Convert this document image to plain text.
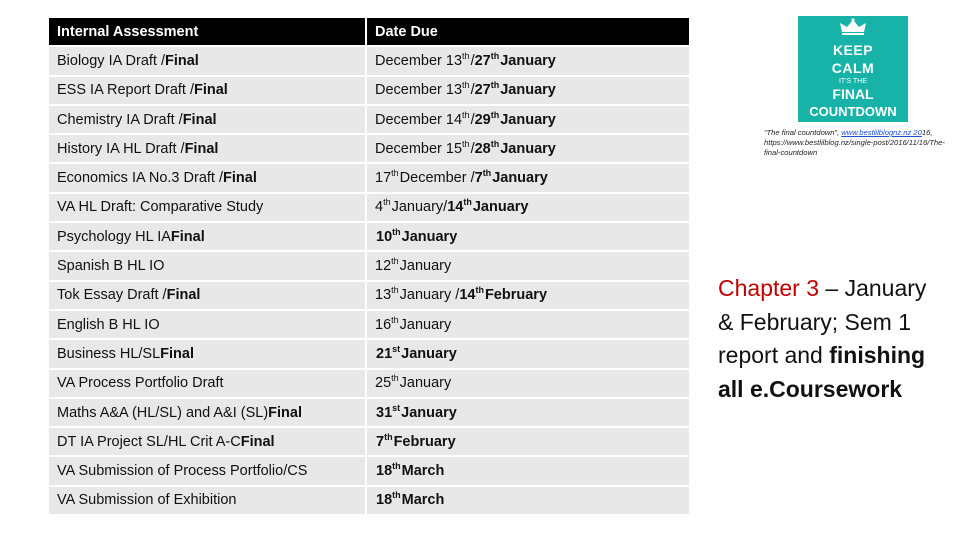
Internal Assessment	Date Due
Biology IA Draft / Final	December 13th / 27th January
ESS IA Report Draft / Final	December 13th / 27th January
Chemistry IA Draft / Final	December 14th / 29th January
History IA HL Draft / Final	December 15th / 28th January
Economics IA No.3 Draft / Final	17th December / 7th January
VA HL Draft: Comparative Study	4th January/ 14th January
Psychology HL IA Final	10th January
Spanish B HL IO	12th January
Tok Essay Draft / Final	13th January / 14th February
English B HL IO	16th January
Business HL/SL Final	21st January
VA Process Portfolio Draft	25th January
Maths A&A (HL/SL) and A&I (SL) Final	31st January
DT IA Project SL/HL Crit A-C Final	7th February
VA Submission of Process Portfolio/CS	18th March
VA Submission of Exhibition	18th March
KEEP
CALM
IT'S THE
FINAL
COUNTDOWN
“The final countdown”, www.bestlilblognz.nz 2016, https://www.bestlilblog.nz/single-post/2016/11/16/The-final-countdown
Chapter 3 – January & February; Sem 1 report and finishing all e.Coursework
